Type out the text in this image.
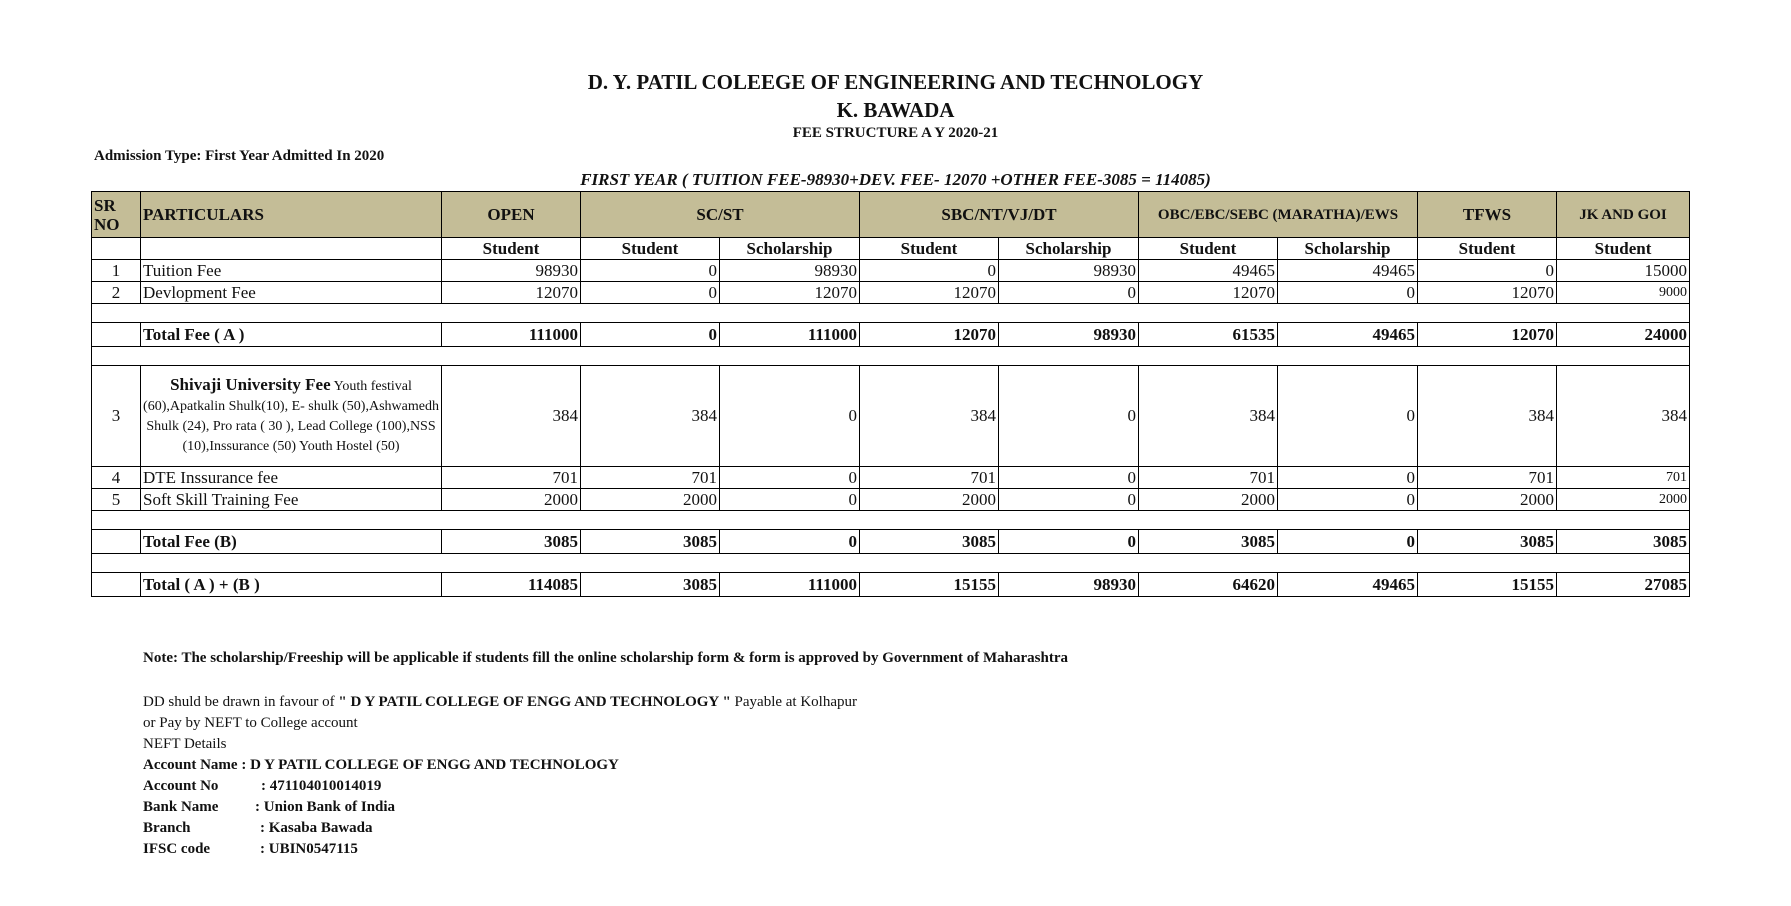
D. Y. PATIL COLEEGE OF ENGINEERING AND TECHNOLOGY
K. BAWADA
FEE STRUCTURE A Y 2020-21
Admission Type: First Year Admitted In 2020
FIRST YEAR ( TUITION FEE-98930+DEV. FEE- 12070 +OTHER FEE-3085 = 114085)
SR NO	PARTICULARS	OPEN	SC/ST		SBC/NT/VJ/DT		OBC/EBC/SEBC (MARATHA)/EWS		TFWS	JK AND GOI
		Student	Student	Scholarship	Student	Scholarship	Student	Scholarship	Student	Student
1	Tuition Fee	98930	0	98930	0	98930	49465	49465	0	15000
2	Devlopment Fee	12070	0	12070	12070	0	12070	0	12070	9000

	Total Fee ( A )	111000	0	111000	12070	98930	61535	49465	12070	24000

3	Shivaji University Fee Youth festival (60),Apatkalin Shulk(10), E- shulk (50),Ashwamedh Shulk (24), Pro rata ( 30 ), Lead College (100),NSS (10),Inssurance (50) Youth Hostel (50)	384	384	0	384	0	384	0	384	384
4	DTE Inssurance fee	701	701	0	701	0	701	0	701	701
5	Soft Skill Training Fee	2000	2000	0	2000	0	2000	0	2000	2000

	Total Fee (B)	3085	3085	0	3085	0	3085	0	3085	3085

	Total ( A ) + (B )	114085	3085	111000	15155	98930	64620	49465	15155	27085
Note: The scholarship/Freeship will be applicable if students fill the online scholarship form & form is approved by Government of Maharashtra
DD shuld be drawn in favour of " D Y PATIL COLLEGE OF ENGG AND TECHNOLOGY " Payable at Kolhapur
or Pay by NEFT to College account
NEFT Details
Account Name : D Y PATIL COLLEGE OF ENGG AND TECHNOLOGY
Account No	: 471104010014019
Bank Name : Union Bank of India
Branch	: Kasaba Bawada
IFSC code	: UBIN0547115
